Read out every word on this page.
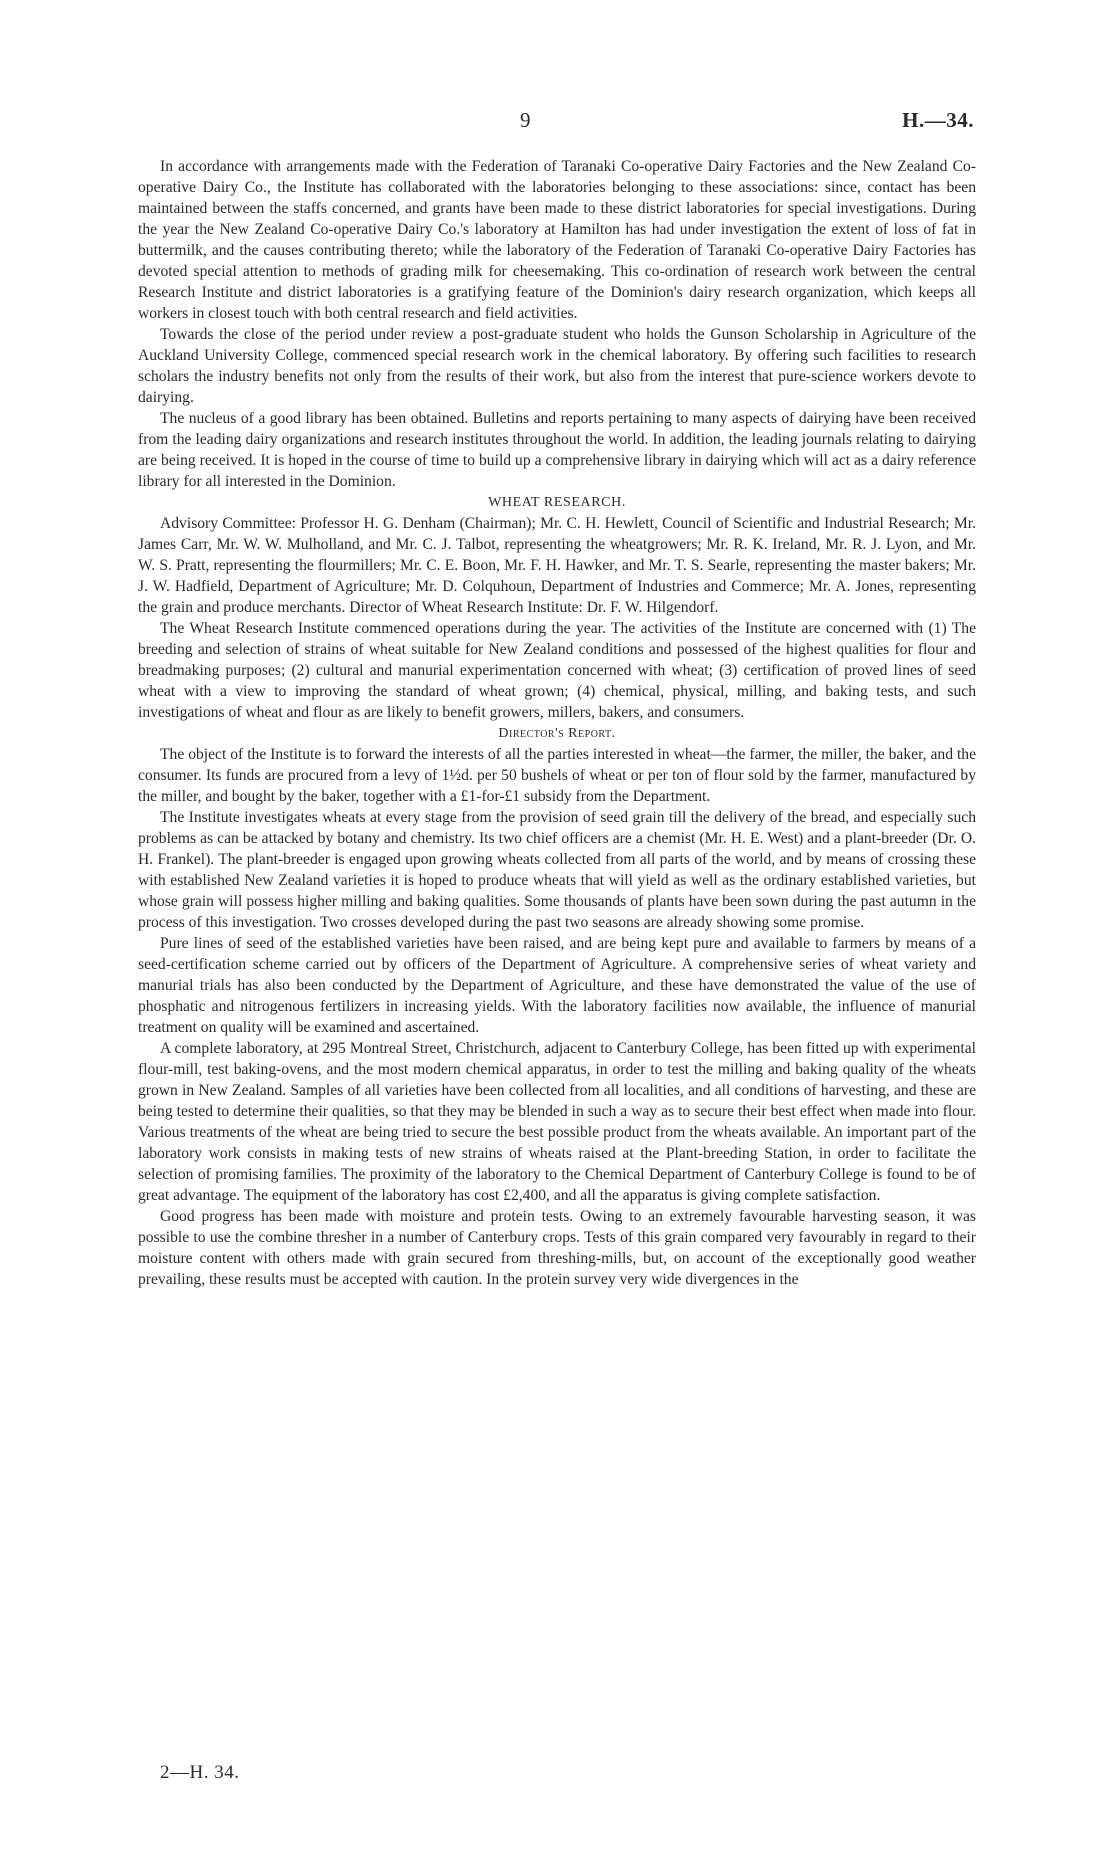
9	H.—34.

In accordance with arrangements made with the Federation of Taranaki Co-operative Dairy Factories and the New Zealand Co-operative Dairy Co., the Institute has collaborated with the laboratories belonging to these associations: since, contact has been maintained between the staffs concerned, and grants have been made to these district laboratories for special investigations. During the year the New Zealand Co-operative Dairy Co.'s laboratory at Hamilton has had under investigation the extent of loss of fat in buttermilk, and the causes contributing thereto; while the laboratory of the Federation of Taranaki Co-operative Dairy Factories has devoted special attention to methods of grading milk for cheesemaking. This co-ordination of research work between the central Research Institute and district laboratories is a gratifying feature of the Dominion's dairy research organization, which keeps all workers in closest touch with both central research and field activities.

Towards the close of the period under review a post-graduate student who holds the Gunson Scholarship in Agriculture of the Auckland University College, commenced special research work in the chemical laboratory. By offering such facilities to research scholars the industry benefits not only from the results of their work, but also from the interest that pure-science workers devote to dairying.

The nucleus of a good library has been obtained. Bulletins and reports pertaining to many aspects of dairying have been received from the leading dairy organizations and research institutes throughout the world. In addition, the leading journals relating to dairying are being received. It is hoped in the course of time to build up a comprehensive library in dairying which will act as a dairy reference library for all interested in the Dominion.

WHEAT RESEARCH.

Advisory Committee: Professor H. G. Denham (Chairman); Mr. C. H. Hewlett, Council of Scientific and Industrial Research; Mr. James Carr, Mr. W. W. Mulholland, and Mr. C. J. Talbot, representing the wheatgrowers; Mr. R. K. Ireland, Mr. R. J. Lyon, and Mr. W. S. Pratt, representing the flourmillers; Mr. C. E. Boon, Mr. F. H. Hawker, and Mr. T. S. Searle, representing the master bakers; Mr. J. W. Hadfield, Department of Agriculture; Mr. D. Colquhoun, Department of Industries and Commerce; Mr. A. Jones, representing the grain and produce merchants. Director of Wheat Research Institute: Dr. F. W. Hilgendorf.

The Wheat Research Institute commenced operations during the year. The activities of the Institute are concerned with (1) The breeding and selection of strains of wheat suitable for New Zealand conditions and possessed of the highest qualities for flour and breadmaking purposes; (2) cultural and manurial experimentation concerned with wheat; (3) certification of proved lines of seed wheat with a view to improving the standard of wheat grown; (4) chemical, physical, milling, and baking tests, and such investigations of wheat and flour as are likely to benefit growers, millers, bakers, and consumers.

Director's Report.

The object of the Institute is to forward the interests of all the parties interested in wheat—the farmer, the miller, the baker, and the consumer. Its funds are procured from a levy of 1½d. per 50 bushels of wheat or per ton of flour sold by the farmer, manufactured by the miller, and bought by the baker, together with a £1-for-£1 subsidy from the Department.

The Institute investigates wheats at every stage from the provision of seed grain till the delivery of the bread, and especially such problems as can be attacked by botany and chemistry. Its two chief officers are a chemist (Mr. H. E. West) and a plant-breeder (Dr. O. H. Frankel). The plant-breeder is engaged upon growing wheats collected from all parts of the world, and by means of crossing these with established New Zealand varieties it is hoped to produce wheats that will yield as well as the ordinary established varieties, but whose grain will possess higher milling and baking qualities. Some thousands of plants have been sown during the past autumn in the process of this investigation. Two crosses developed during the past two seasons are already showing some promise.

Pure lines of seed of the established varieties have been raised, and are being kept pure and available to farmers by means of a seed-certification scheme carried out by officers of the Department of Agriculture. A comprehensive series of wheat variety and manurial trials has also been conducted by the Department of Agriculture, and these have demonstrated the value of the use of phosphatic and nitrogenous fertilizers in increasing yields. With the laboratory facilities now available, the influence of manurial treatment on quality will be examined and ascertained.

A complete laboratory, at 295 Montreal Street, Christchurch, adjacent to Canterbury College, has been fitted up with experimental flour-mill, test baking-ovens, and the most modern chemical apparatus, in order to test the milling and baking quality of the wheats grown in New Zealand. Samples of all varieties have been collected from all localities, and all conditions of harvesting, and these are being tested to determine their qualities, so that they may be blended in such a way as to secure their best effect when made into flour. Various treatments of the wheat are being tried to secure the best possible product from the wheats available. An important part of the laboratory work consists in making tests of new strains of wheats raised at the Plant-breeding Station, in order to facilitate the selection of promising families. The proximity of the laboratory to the Chemical Department of Canterbury College is found to be of great advantage. The equipment of the laboratory has cost £2,400, and all the apparatus is giving complete satisfaction.

Good progress has been made with moisture and protein tests. Owing to an extremely favourable harvesting season, it was possible to use the combine thresher in a number of Canterbury crops. Tests of this grain compared very favourably in regard to their moisture content with others made with grain secured from threshing-mills, but, on account of the exceptionally good weather prevailing, these results must be accepted with caution. In the protein survey very wide divergences in the

2—H. 34.
